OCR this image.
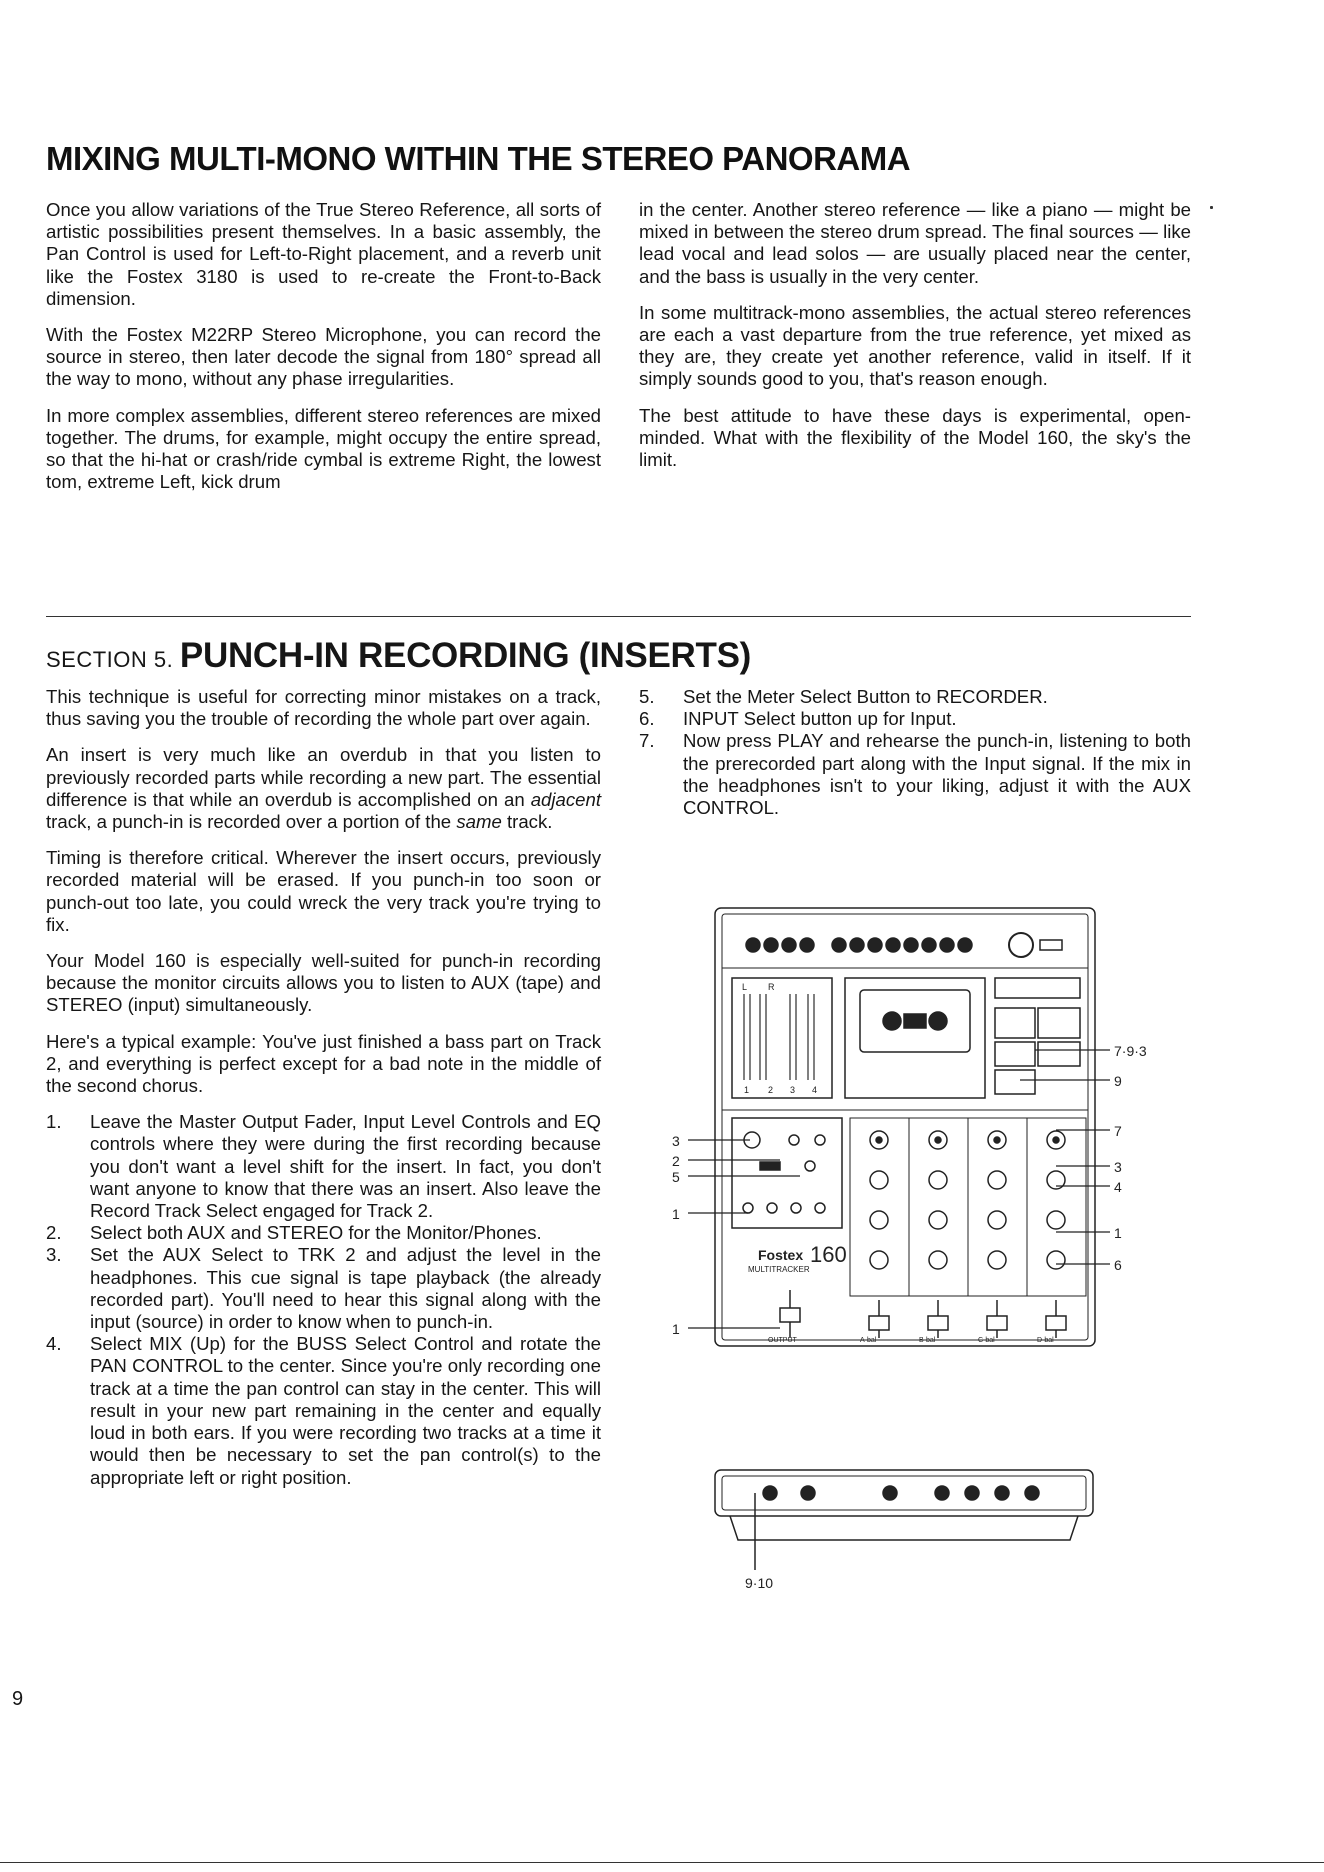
MIXING MULTI-MONO WITHIN THE STEREO PANORAMA

Once you allow variations of the True Stereo Reference, all sorts of artistic possibilities present themselves. In a basic assembly, the Pan Control is used for Left-to-Right placement, and a reverb unit like the Fostex 3180 is used to re-create the Front-to-Back dimension.

With the Fostex M22RP Stereo Microphone, you can record the source in stereo, then later decode the signal from 180° spread all the way to mono, without any phase irregularities.

In more complex assemblies, different stereo references are mixed together. The drums, for example, might occupy the entire spread, so that the hi-hat or crash/ride cymbal is extreme Right, the lowest tom, extreme Left, kick drum

in the center. Another stereo reference — like a piano — might be mixed in between the stereo drum spread. The final sources — like lead vocal and lead solos — are usually placed near the center, and the bass is usually in the very center.

In some multitrack-mono assemblies, the actual stereo references are each a vast departure from the true reference, yet mixed as they are, they create yet another reference, valid in itself. If it simply sounds good to you, that's reason enough.

The best attitude to have these days is experimental, open-minded. What with the flexibility of the Model 160, the sky's the limit.

SECTION 5. PUNCH-IN RECORDING (INSERTS)

This technique is useful for correcting minor mistakes on a track, thus saving you the trouble of recording the whole part over again.

An insert is very much like an overdub in that you listen to previously recorded parts while recording a new part. The essential difference is that while an overdub is accomplished on an adjacent track, a punch-in is recorded over a portion of the same track.

Timing is therefore critical. Wherever the insert occurs, previously recorded material will be erased. If you punch-in too soon or punch-out too late, you could wreck the very track you're trying to fix.

Your Model 160 is especially well-suited for punch-in recording because the monitor circuits allows you to listen to AUX (tape) and STEREO (input) simultaneously.

Here's a typical example: You've just finished a bass part on Track 2, and everything is perfect except for a bad note in the middle of the second chorus.

1. Leave the Master Output Fader, Input Level Controls and EQ controls where they were during the first recording because you don't want a level shift for the insert. In fact, you don't want anyone to know that there was an insert. Also leave the Record Track Select engaged for Track 2.
2. Select both AUX and STEREO for the Monitor/Phones.
3. Set the AUX Select to TRK 2 and adjust the level in the headphones. This cue signal is tape playback (the already recorded part). You'll need to hear this signal along with the input (source) in order to know when to punch-in.
4. Select MIX (Up) for the BUSS Select Control and rotate the PAN CONTROL to the center. Since you're only recording one track at a time the pan control can stay in the center. This will result in your new part remaining in the center and equally loud in both ears. If you were recording two tracks at a time it would then be necessary to set the pan control(s) to the appropriate left or right position.
5. Set the Meter Select Button to RECORDER.
6. INPUT Select button up for Input.
7. Now press PLAY and rehearse the punch-in, listening to both the prerecorded part along with the Input signal. If the mix in the headphones isn't to your liking, adjust it with the AUX CONTROL.
L R
1 2 3 4
Fostex 160
MULTITRACKER
OUTPUT	A-bal	B-bal	C-bal	D-bal
3
2
5
1
1
7·9·3
9
7
3
4
1
6
9·10
9
